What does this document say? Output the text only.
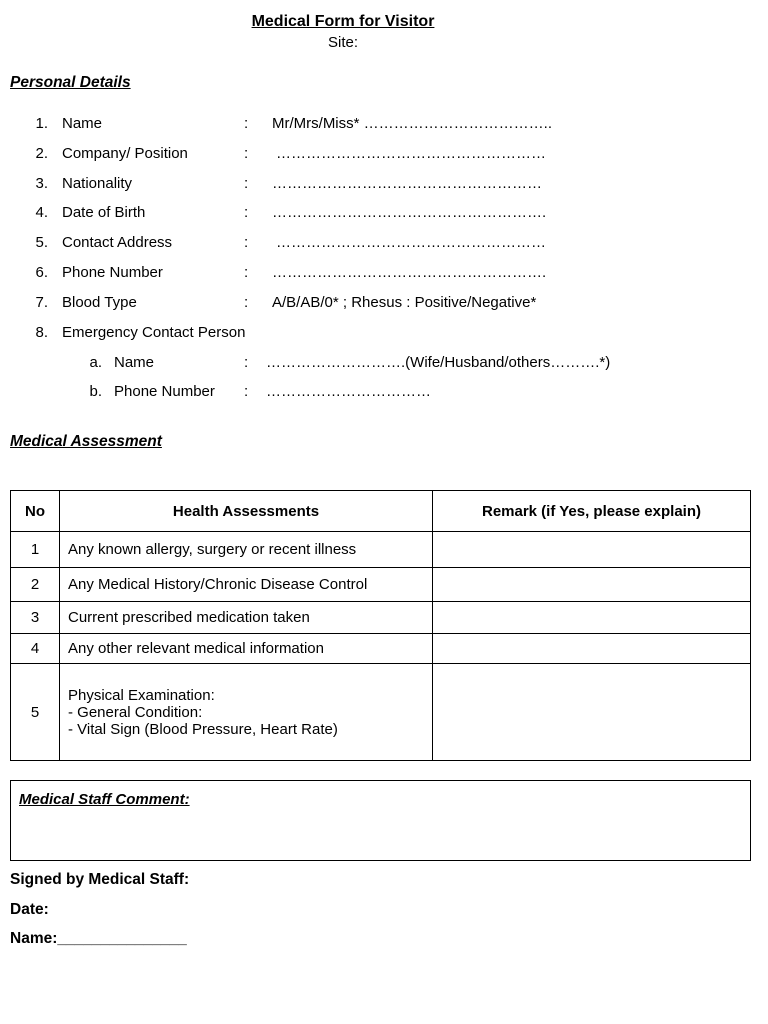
Medical Form for Visitor
Site:
Personal Details
1. Name	: Mr/Mrs/Miss* ………………………………..
2. Company/ Position	: ………………………………………………
3. Nationality	: ………………………………………………
4. Date of Birth	: ……………………………………………….
5. Contact Address	: ………………………………………………
6. Phone Number	: ……………………………………………….
7. Blood Type	: A/B/AB/0* ; Rhesus : Positive/Negative*
8. Emergency Contact Person
a. Name	: ……………………….(Wife/Husband/others……….*)
b. Phone Number : ……………………………
Medical Assessment
No	Health Assessments	Remark (if Yes, please explain)
1	Any known allergy, surgery or recent illness	
2	Any Medical History/Chronic Disease Control	
3	Current prescribed medication taken	
4	Any other relevant medical information	
5	Physical Examination:
- General Condition:
- Vital Sign (Blood Pressure, Heart Rate)	

Medical Staff Comment:
Signed by Medical Staff:
Date:
Name:_______________
